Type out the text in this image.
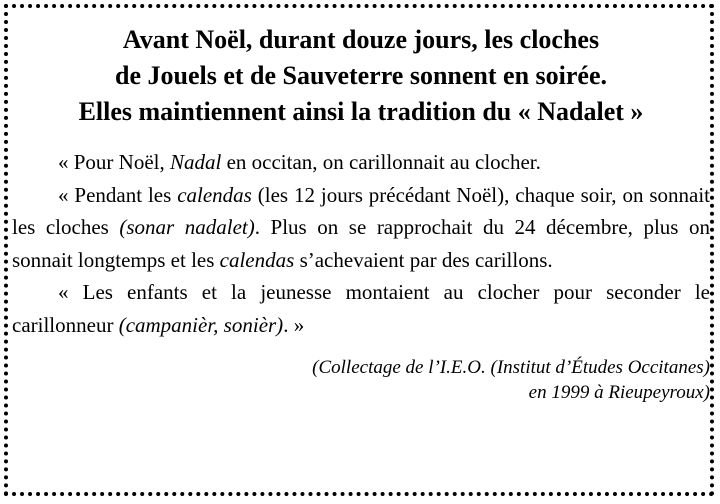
Avant Noël, durant douze jours, les cloches
de Jouels et de Sauveterre sonnent en soirée.
Elles maintiennent ainsi la tradition du « Nadalet »

« Pour Noël, Nadal en occitan, on carillonnait au clocher.

« Pendant les calendas (les 12 jours précédant Noël), chaque soir, on sonnait les cloches (sonar nadalet). Plus on se rapprochait du 24 décembre, plus on sonnait longtemps et les calendas s’achevaient par des carillons.

« Les enfants et la jeunesse montaient au clocher pour seconder le carillonneur (campanièr, sonièr). »

(Collectage de l’I.E.O. (Institut d’Études Occitanes)
en 1999 à Rieupeyroux)
